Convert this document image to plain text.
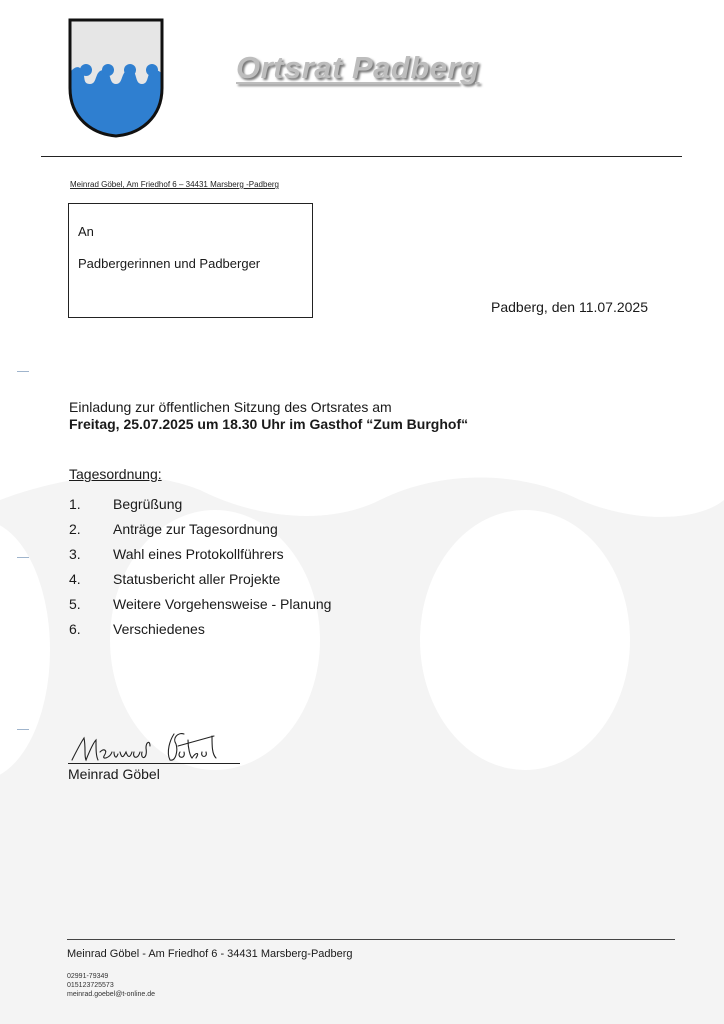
Ortsrat Padberg
Meinrad Göbel, Am Friedhof 6 – 34431 Marsberg -Padberg
An
Padbergerinnen und Padberger
Padberg, den 11.07.2025
Einladung zur öffentlichen Sitzung des Ortsrates am
Freitag, 25.07.2025 um 18.30 Uhr im Gasthof “Zum Burghof“
Tagesordnung:
1.	Begrüßung
2.	Anträge zur Tagesordnung
3.	Wahl eines Protokollführers
4.	Statusbericht aller Projekte
5.	Weitere Vorgehensweise - Planung
6.	Verschiedenes
Meinrad Göbel
Meinrad Göbel - Am Friedhof 6 - 34431 Marsberg-Padberg
02991-79349
015123725573
meinrad.goebel@t-online.de
